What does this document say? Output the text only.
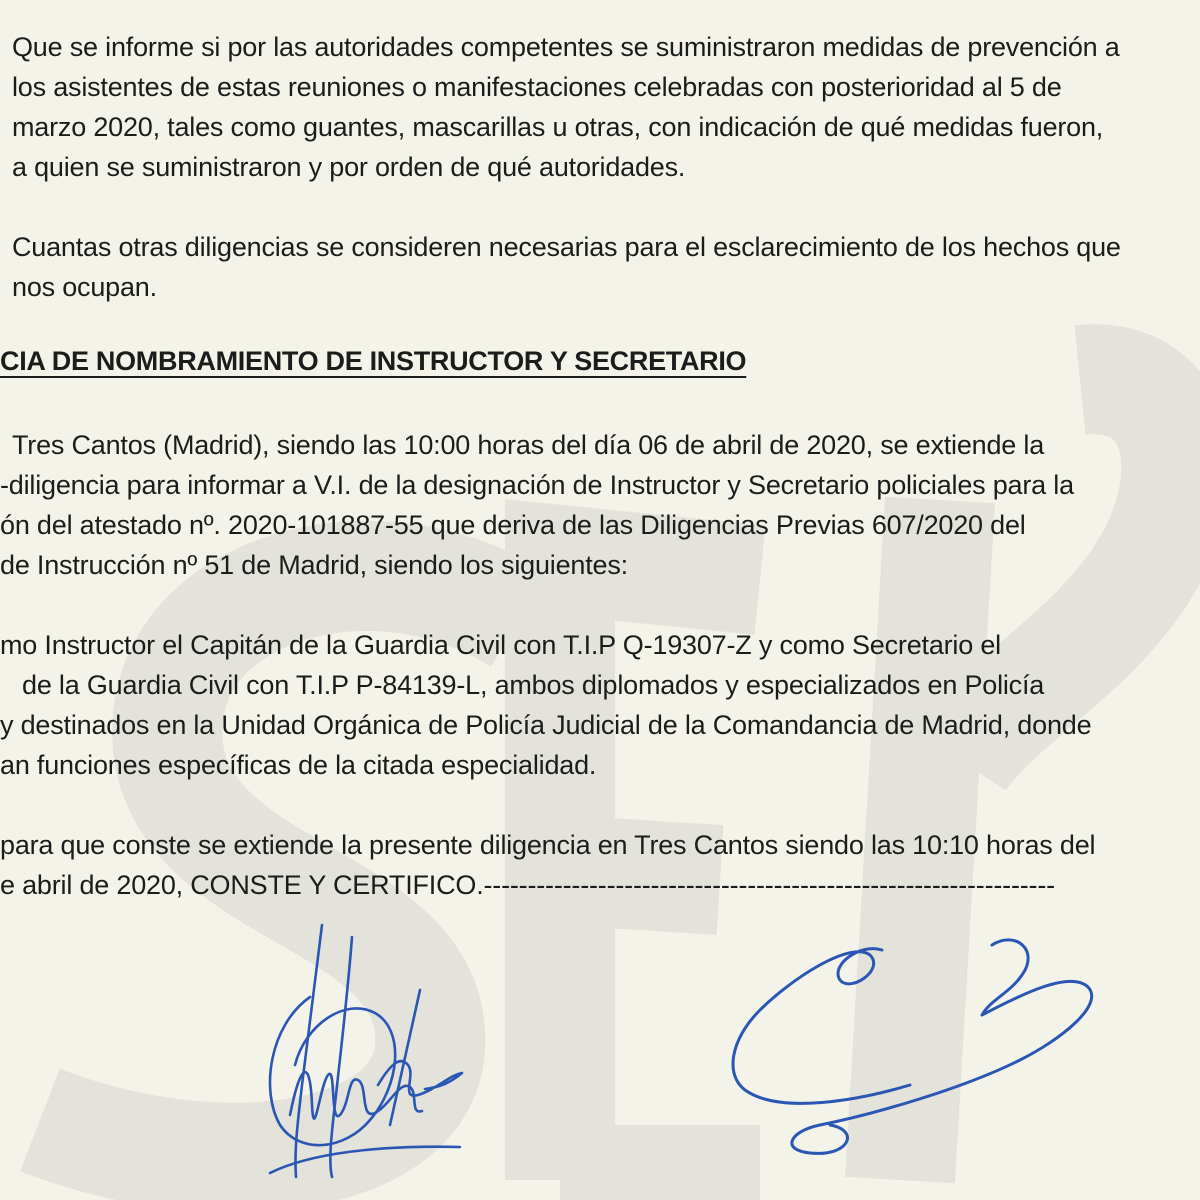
Que se informe si por las autoridades competentes se suministraron medidas de prevención a

los asistentes de estas reuniones o manifestaciones celebradas con posterioridad al 5 de

marzo 2020, tales como guantes, mascarillas u otras, con indicación de qué medidas fueron,

a quien se suministraron y por orden de qué autoridades.

Cuantas otras diligencias se consideren necesarias para el esclarecimiento de los hechos que

nos ocupan.

CIA DE NOMBRAMIENTO DE INSTRUCTOR Y SECRETARIO

Tres Cantos (Madrid), siendo las 10:00 horas del día 06 de abril de 2020, se extiende la

-diligencia para informar a V.I. de la designación de Instructor y Secretario policiales para la

ón del atestado nº. 2020-101887-55 que deriva de las Diligencias Previas 607/2020 del

de Instrucción nº 51 de Madrid, siendo los siguientes:

mo Instructor el Capitán de la Guardia Civil con T.I.P Q-19307-Z y como Secretario el

de la Guardia Civil con T.I.P P-84139-L, ambos diplomados y especializados en Policía

y destinados en la Unidad Orgánica de Policía Judicial de la Comandancia de Madrid, donde

an funciones específicas de la citada especialidad.

para que conste se extiende la presente diligencia en Tres Cantos siendo las 10:10 horas del

e abril de 2020, CONSTE Y CERTIFICO.-----------------------------------------------------------------
